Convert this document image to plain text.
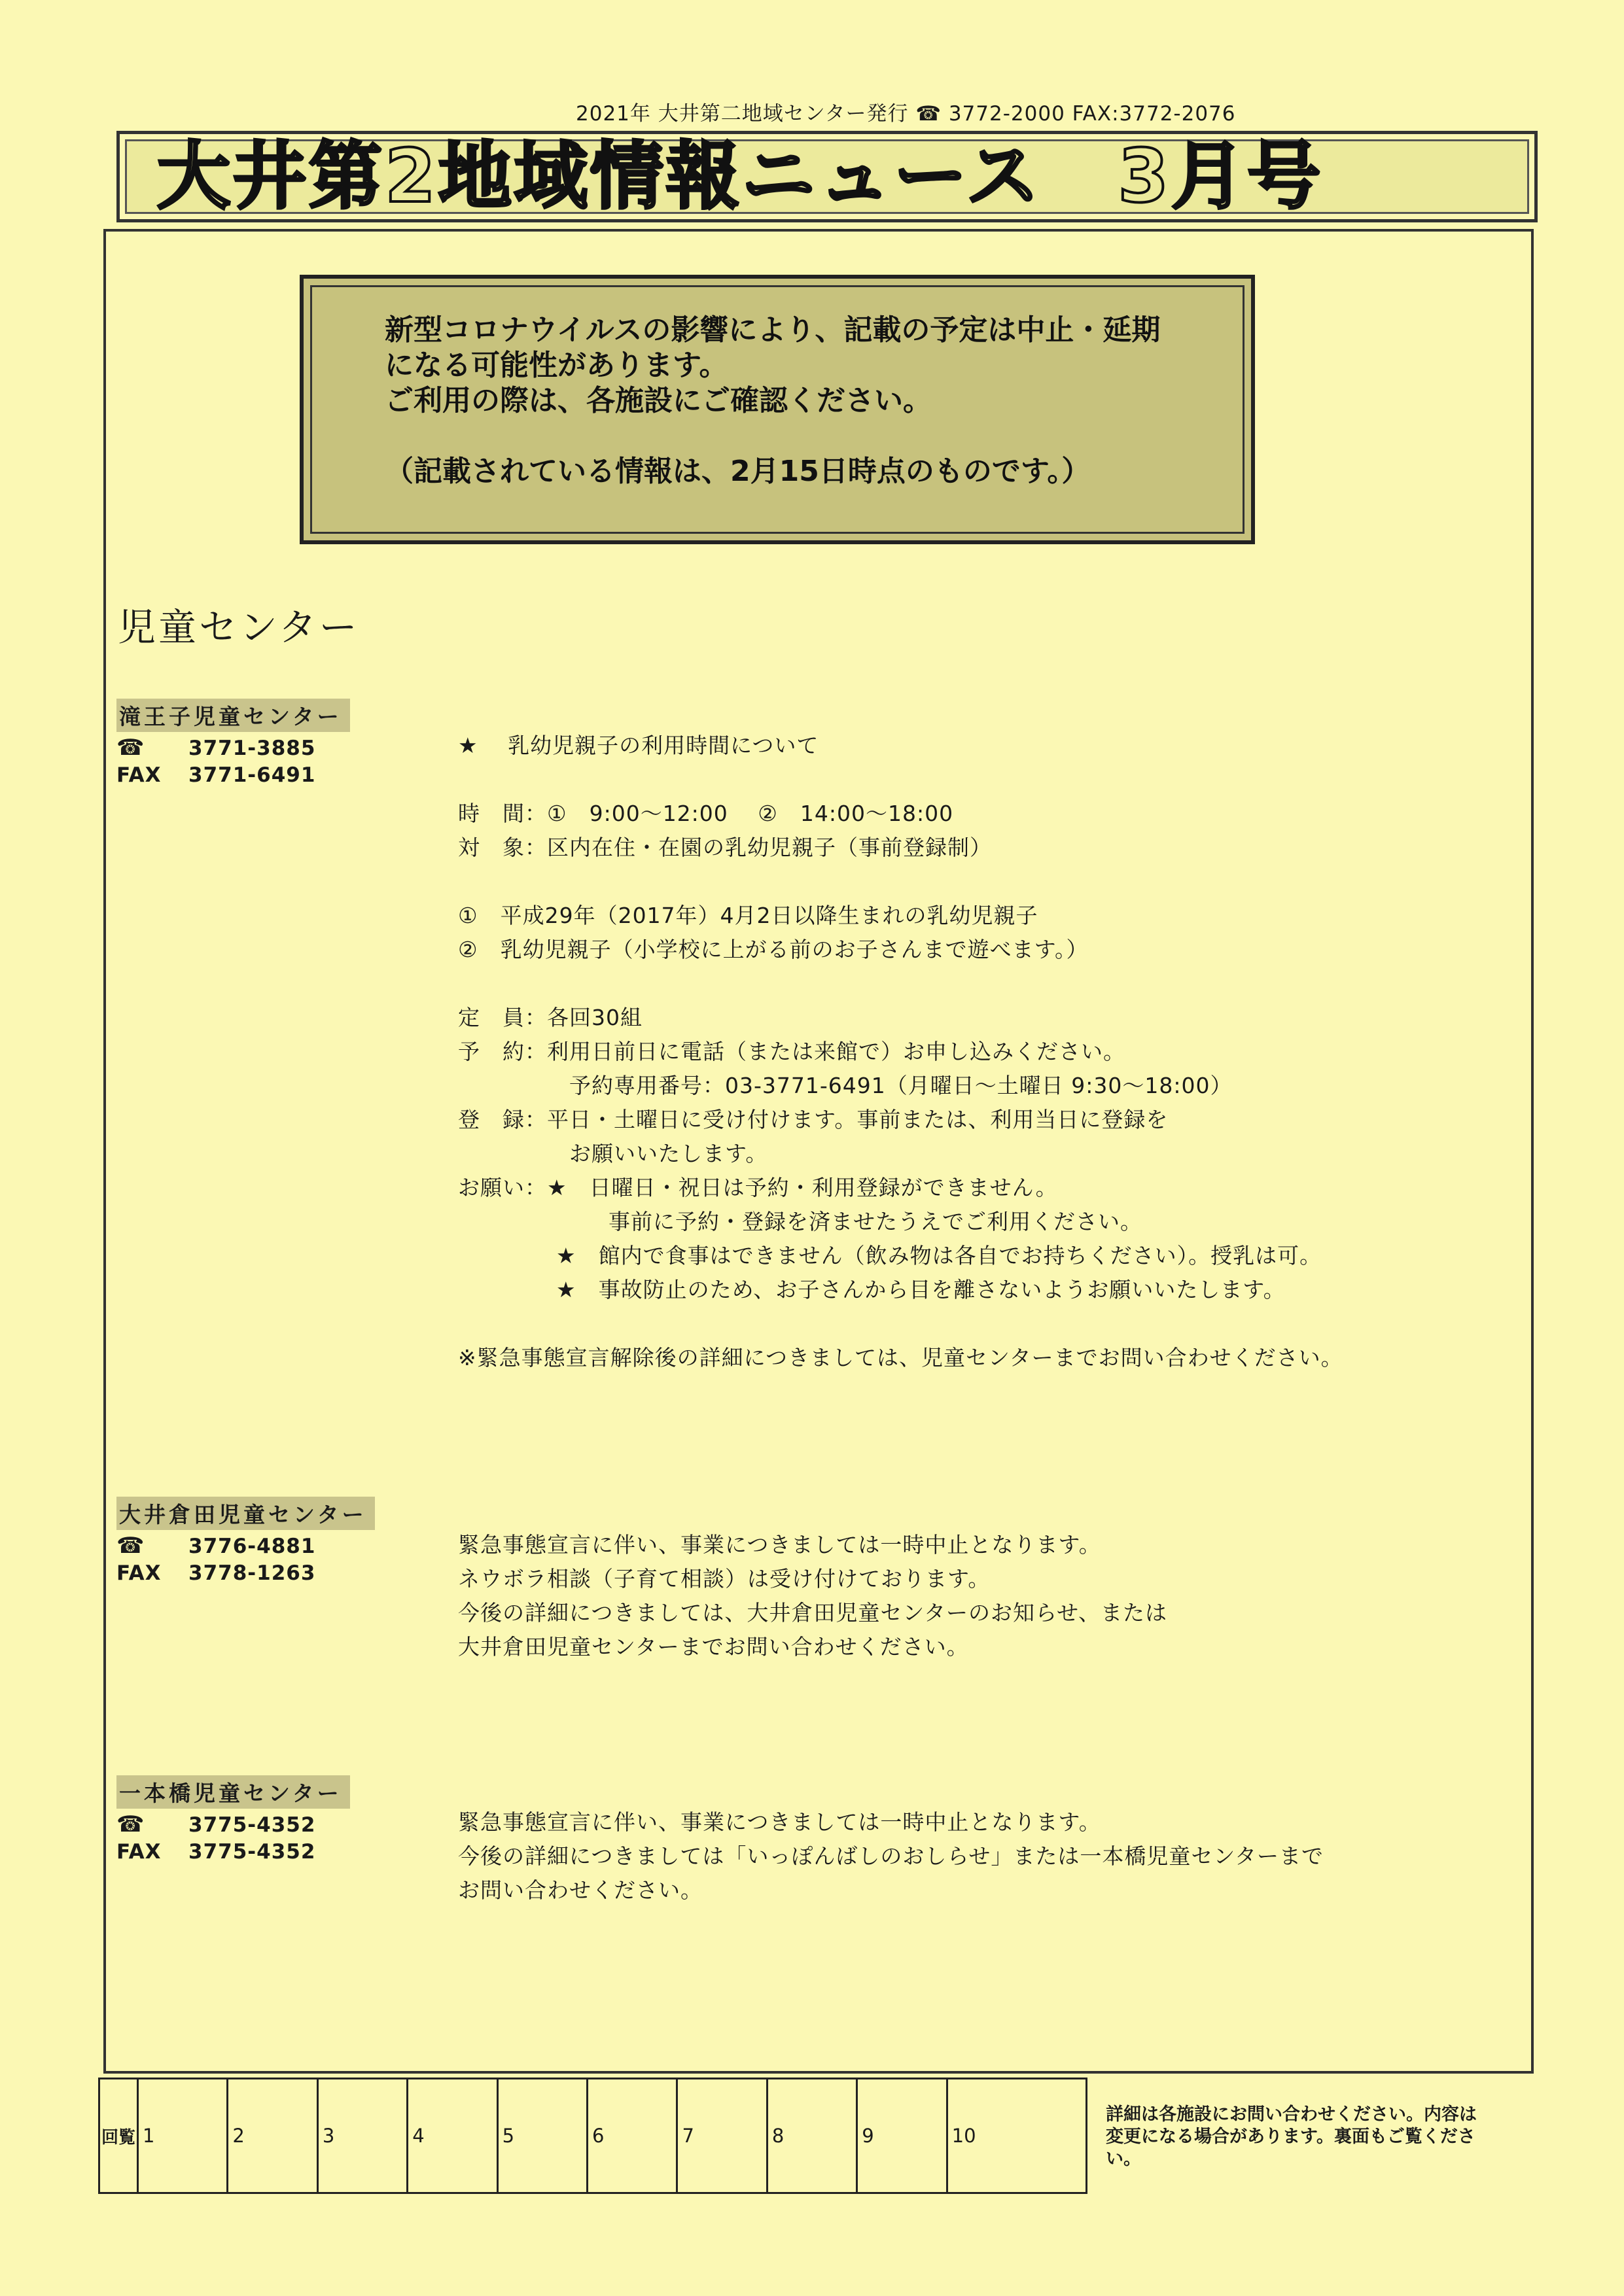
2021年 大井第二地域センター発行 ☎ 3772-2000 FAX:3772-2076
大井第2地域情報ニュース　3月号

新型コロナウイルスの影響により、記載の予定は中止・延期

になる可能性があります。

ご利用の際は、各施設にご確認ください。

（記載されている情報は、2月15日時点のものです。）

児童センター
滝王子児童センター
☎ 3771-3885
FAX 3771-6491

★　 乳幼児親子の利用時間について

時　間：①　9:00～12:00　 ②　14:00～18:00

対　象：区内在住・在園の乳幼児親子（事前登録制）

①　平成29年（2017年）4月2日以降生まれの乳幼児親子

②　乳幼児親子（小学校に上がる前のお子さんまで遊べます。）

定　員：各回30組

予　約：利用日前日に電話（または来館で）お申し込みください。

予約専用番号：03-3771-6491（月曜日～土曜日 9:30～18:00）

登　録：平日・土曜日に受け付けます。事前または、利用当日に登録を

お願いいたします。

お願い：★　日曜日・祝日は予約・利用登録ができません。

事前に予約・登録を済ませたうえでご利用ください。

★　館内で食事はできません（飲み物は各自でお持ちください）。授乳は可。

★　事故防止のため、お子さんから目を離さないようお願いいたします。

※緊急事態宣言解除後の詳細につきましては、児童センターまでお問い合わせください。

大井倉田児童センター
☎ 3776-4881
FAX 3778-1263

緊急事態宣言に伴い、事業につきましては一時中止となります。

ネウボラ相談（子育て相談）は受け付けております。

今後の詳細につきましては、大井倉田児童センターのお知らせ、または

大井倉田児童センターまでお問い合わせください。

一本橋児童センター
☎ 3775-4352
FAX 3775-4352

緊急事態宣言に伴い、事業につきましては一時中止となります。

今後の詳細につきましては「いっぽんばしのおしらせ」または一本橋児童センターまで

お問い合わせください。

回覧	1	2	3	4	5	6	7	8	9	10
詳細は各施設にお問い合わせください。内容は変更になる場合があります。裏面もご覧ください。
